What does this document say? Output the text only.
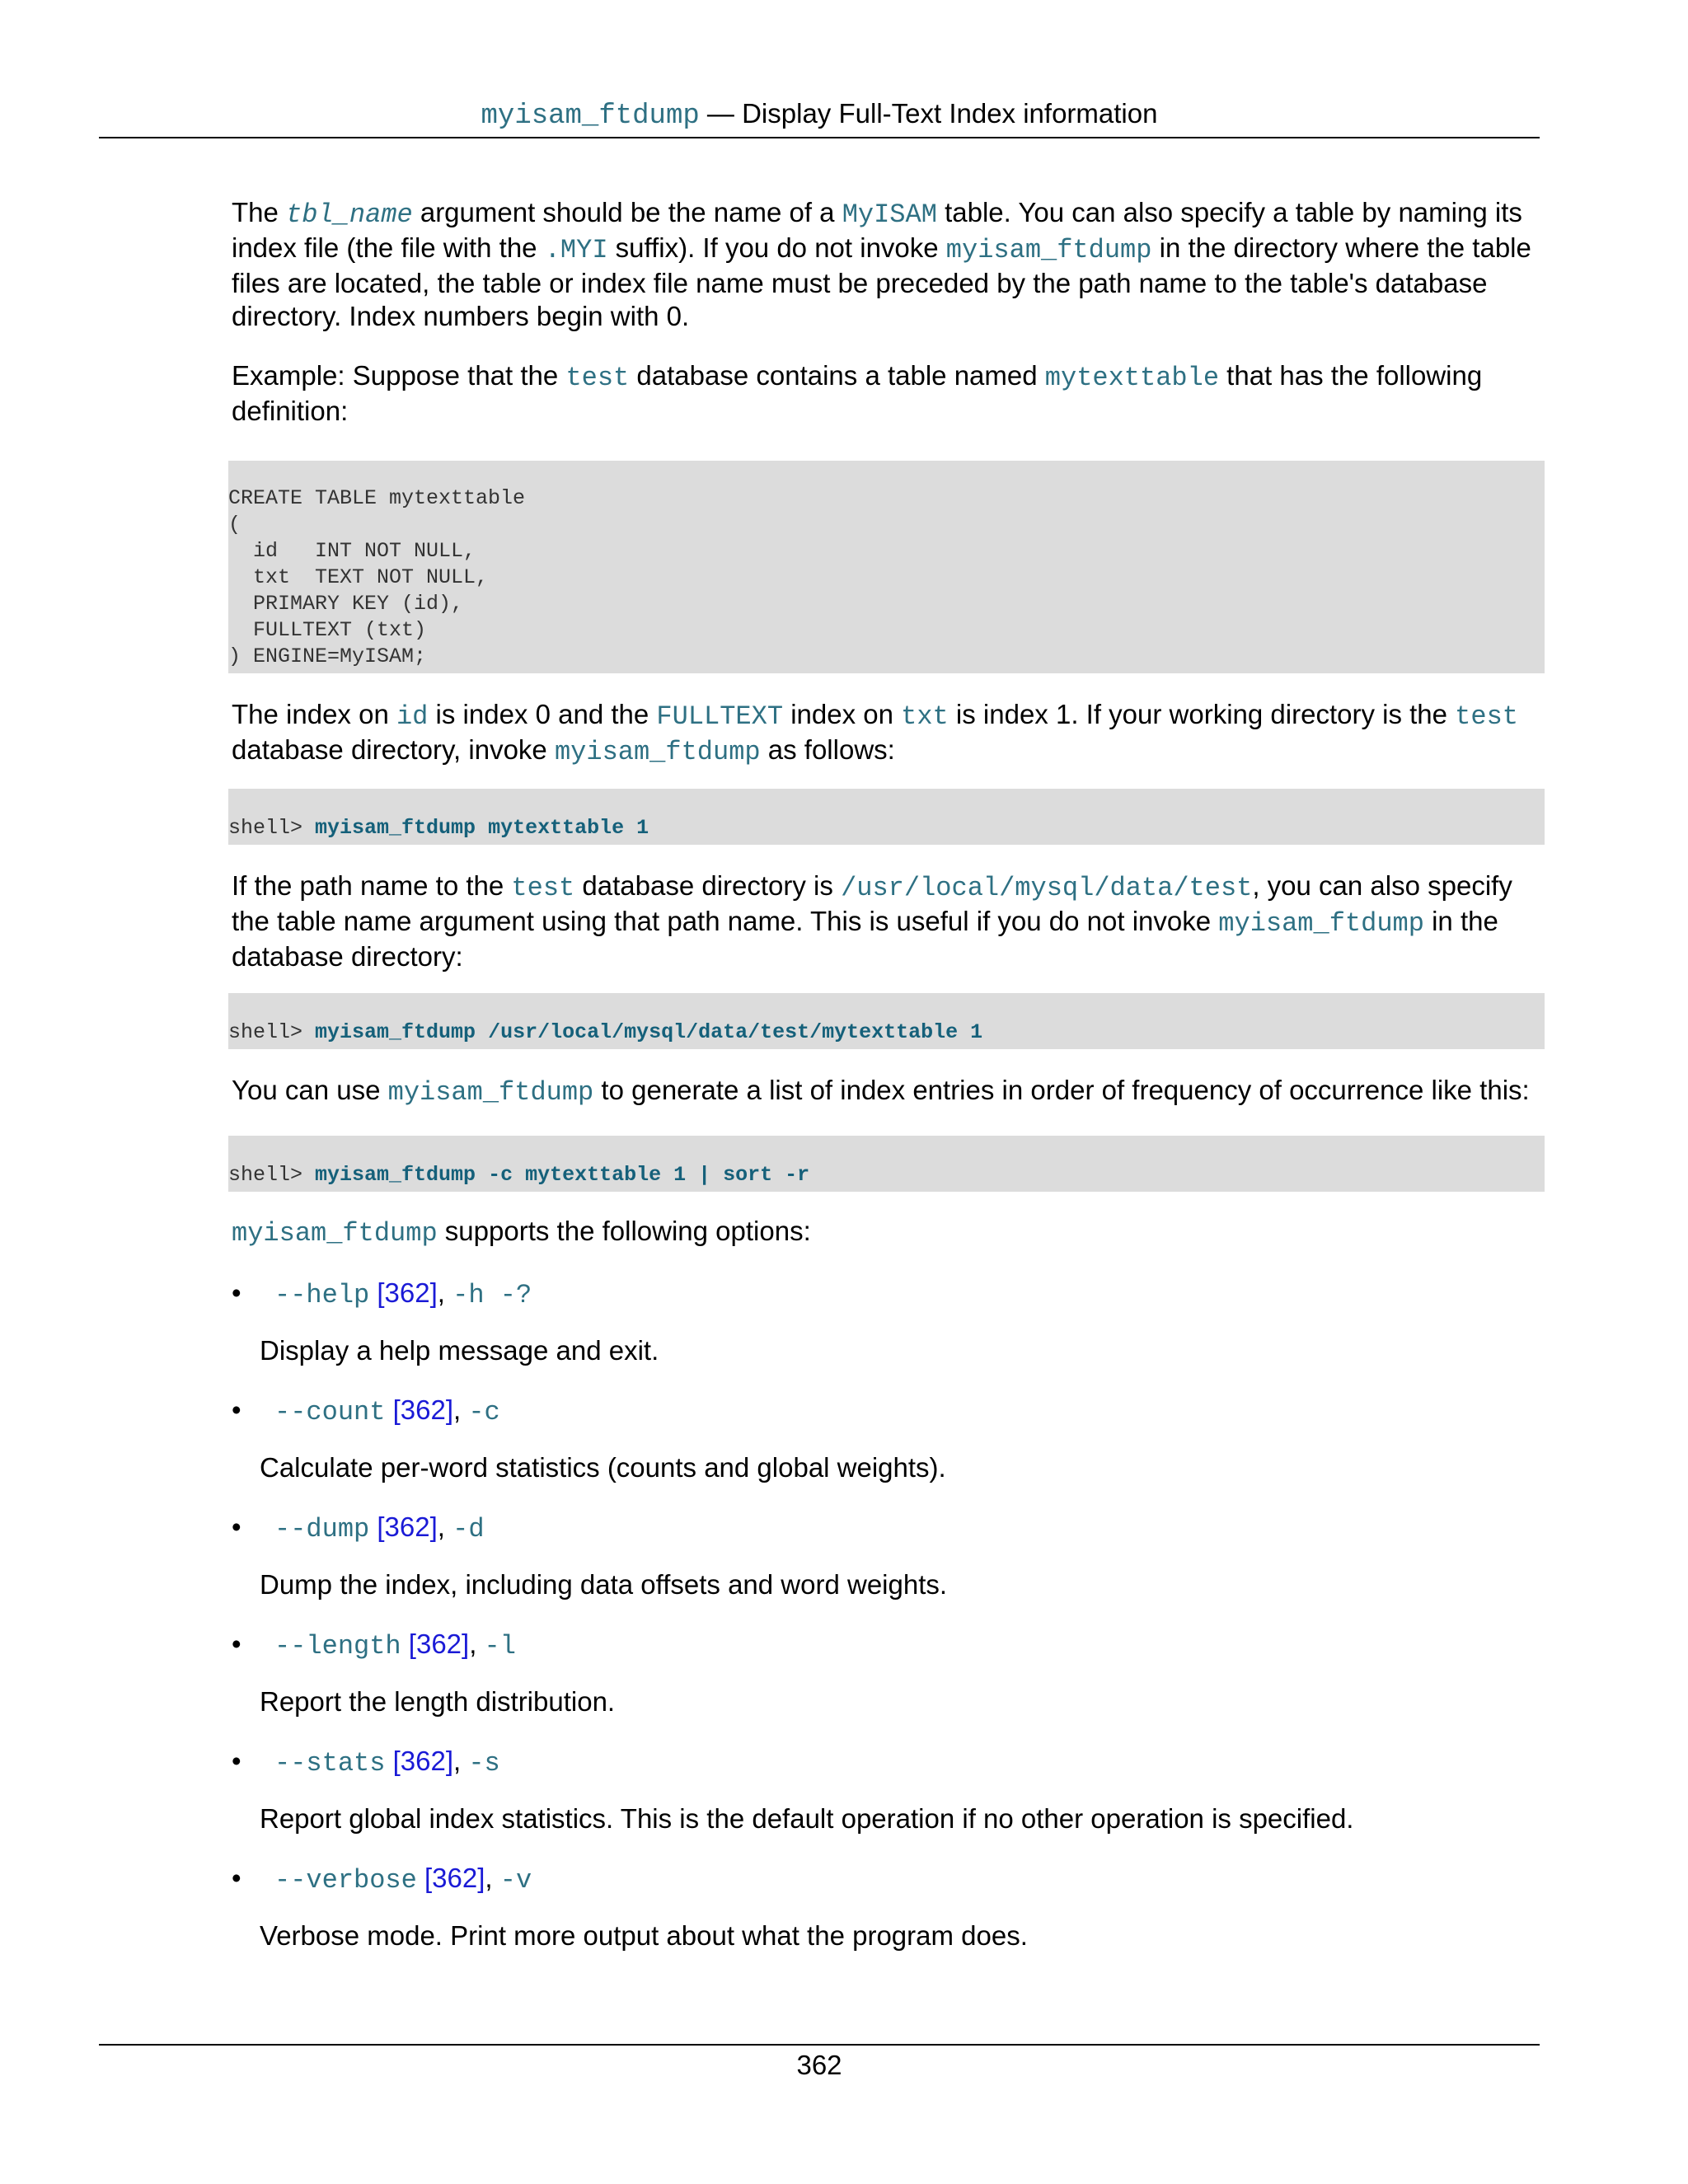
myisam_ftdump — Display Full-Text Index information

The tbl_name argument should be the name of a MyISAM table. You can also specify a table by naming its index file (the file with the .MYI suffix). If you do not invoke myisam_ftdump in the directory where the table files are located, the table or index file name must be preceded by the path name to the table's database directory. Index numbers begin with 0.

Example: Suppose that the test database contains a table named mytexttable that has the following definition:

CREATE TABLE mytexttable
(
id   INT NOT NULL,
txt  TEXT NOT NULL,
PRIMARY KEY (id),
FULLTEXT (txt)
) ENGINE=MyISAM;

The index on id is index 0 and the FULLTEXT index on txt is index 1. If your working directory is the test database directory, invoke myisam_ftdump as follows:

shell> myisam_ftdump mytexttable 1

If the path name to the test database directory is /usr/local/mysql/data/test, you can also specify the table name argument using that path name. This is useful if you do not invoke myisam_ftdump in the database directory:

shell> myisam_ftdump /usr/local/mysql/data/test/mytexttable 1

You can use myisam_ftdump to generate a list of index entries in order of frequency of occurrence like this:

shell> myisam_ftdump -c mytexttable 1 | sort -r

myisam_ftdump supports the following options:

• --help [362], -h -?
Display a help message and exit.
• --count [362], -c
Calculate per-word statistics (counts and global weights).
• --dump [362], -d
Dump the index, including data offsets and word weights.
• --length [362], -l
Report the length distribution.
• --stats [362], -s
Report global index statistics. This is the default operation if no other operation is specified.
• --verbose [362], -v
Verbose mode. Print more output about what the program does.
362
